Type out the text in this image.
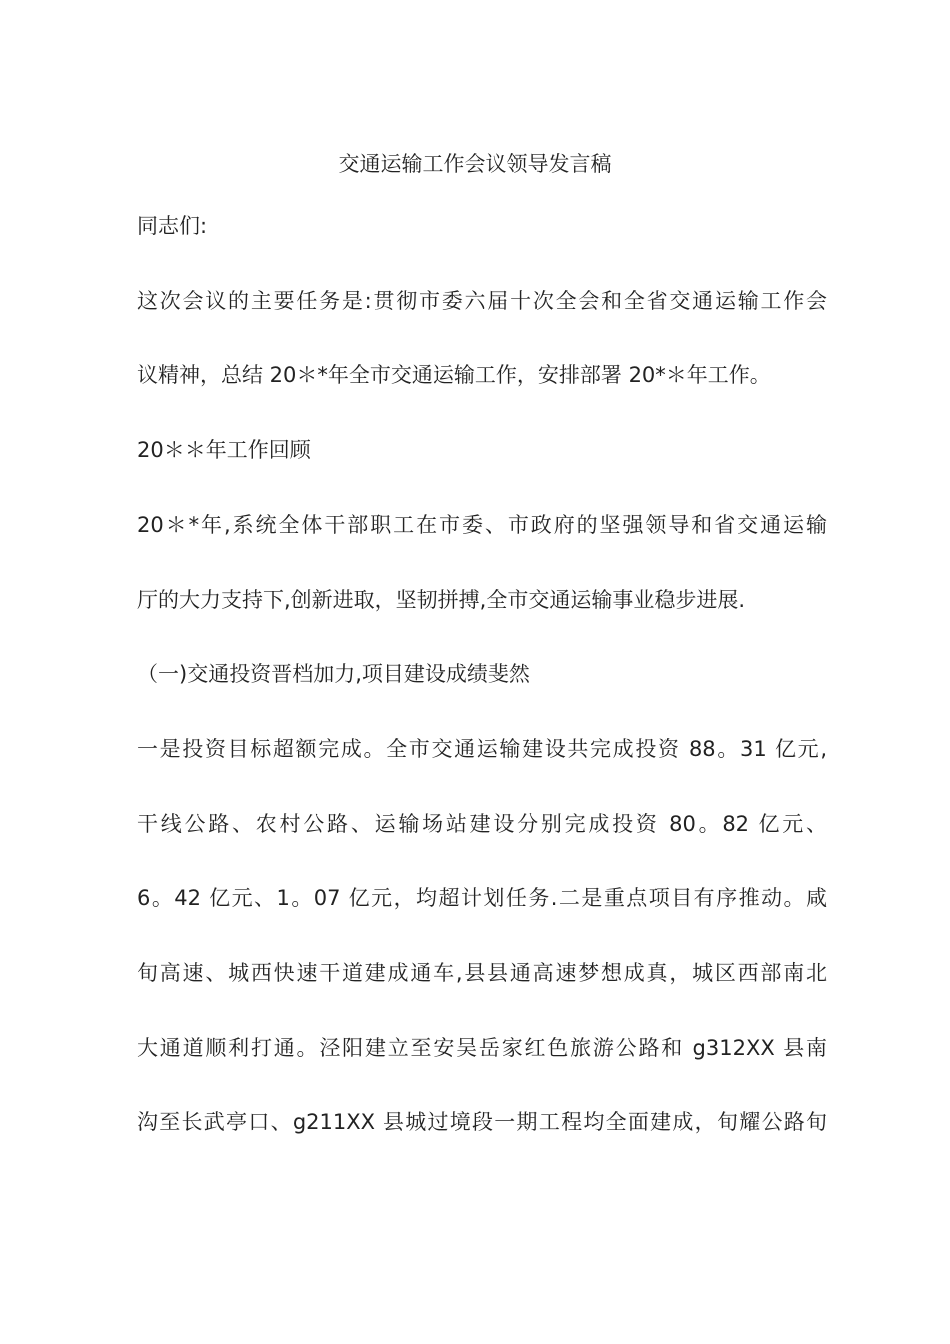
交通运输工作会议领导发言稿
同志们:
这次会议的主要任务是:贯彻市委六届十次全会和全省交通运输工作会
议精神，总结 20＊*年全市交通运输工作，安排部署 20*＊年工作。
20＊＊年工作回顾
20＊*年,系统全体干部职工在市委、市政府的坚强领导和省交通运输
厅的大力支持下,创新进取，坚韧拼搏,全市交通运输事业稳步进展.
（一)交通投资晋档加力,项目建设成绩斐然
一是投资目标超额完成。全市交通运输建设共完成投资 88。31 亿元,
干线公路、农村公路、运输场站建设分别完成投资 80。82 亿元、
6。42 亿元、1。07 亿元，均超计划任务.二是重点项目有序推动。咸
旬高速、城西快速干道建成通车,县县通高速梦想成真，城区西部南北
大通道顺利打通。泾阳建立至安吴岳家红色旅游公路和 g312XX 县南
沟至长武亭口、g211XX 县城过境段一期工程均全面建成，旬耀公路旬
